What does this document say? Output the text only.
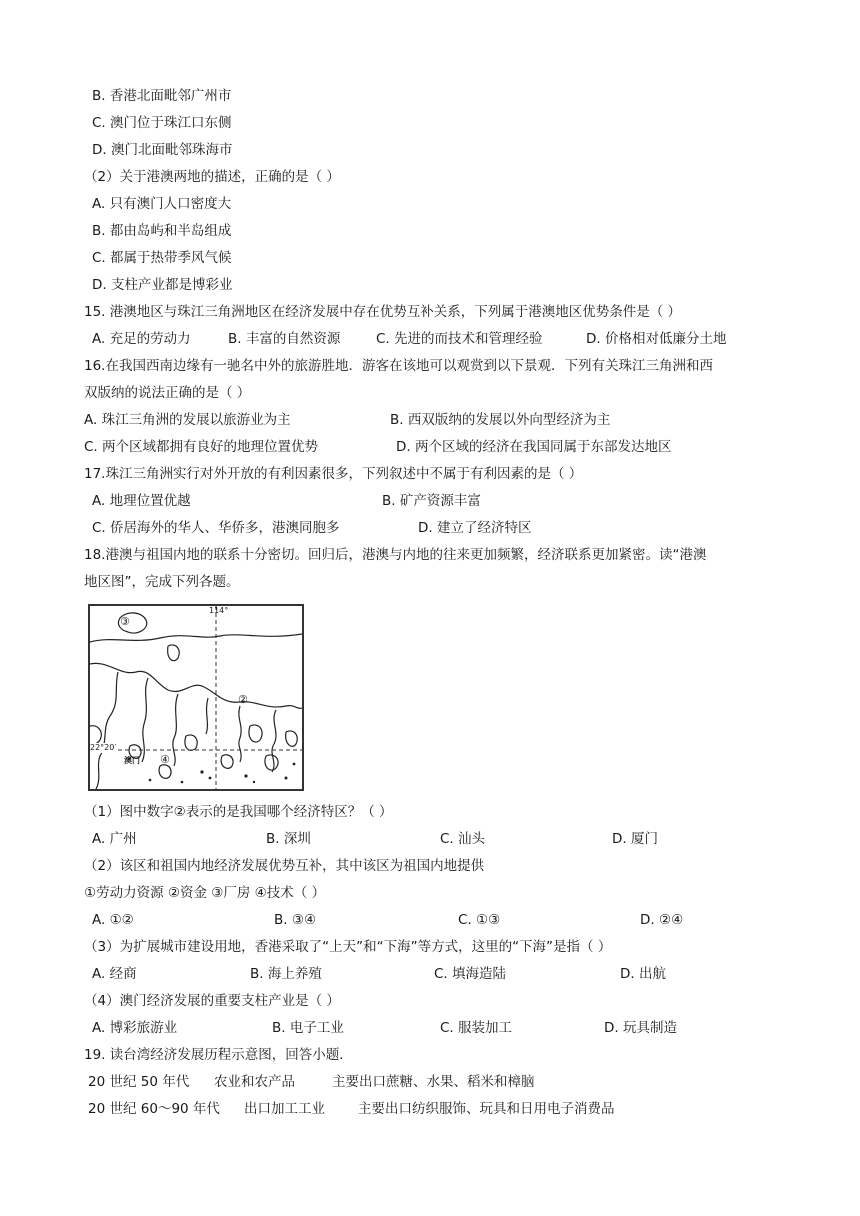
B. 香港北面毗邻广州市
C. 澳门位于珠江口东侧
D. 澳门北面毗邻珠海市
（2）关于港澳两地的描述，正确的是（ ）
A. 只有澳门人口密度大
B. 都由岛屿和半岛组成
C. 都属于热带季风气候
D. 支柱产业都是博彩业
15. 港澳地区与珠江三角洲地区在经济发展中存在优势互补关系，下列属于港澳地区优势条件是（ ）
A. 充足的劳动力	B. 丰富的自然资源	C. 先进的而技术和管理经验	D. 价格相对低廉分土地
16.在我国西南边缘有一驰名中外的旅游胜地．游客在该地可以观赏到以下景观．下列有关珠江三角洲和西
双版纳的说法正确的是（ ）
A. 珠江三角洲的发展以旅游业为主	B. 西双版纳的发展以外向型经济为主
C. 两个区域都拥有良好的地理位置优势	D. 两个区域的经济在我国同属于东部发达地区
17.珠江三角洲实行对外开放的有利因素很多，下列叙述中不属于有利因素的是（ ）
A. 地理位置优越	B. 矿产资源丰富
C. 侨居海外的华人、华侨多，港澳同胞多	D. 建立了经济特区
18.港澳与祖国内地的联系十分密切。回归后，港澳与内地的往来更加频繁，经济联系更加紧密。读“港澳
地区图”，完成下列各题。
114°
22°20′
澳门
③
②
④
（1）图中数字②表示的是我国哪个经济特区？（ ）
A. 广州	B. 深圳	C. 汕头	D. 厦门
（2）该区和祖国内地经济发展优势互补，其中该区为祖国内地提供
①劳动力资源 ②资金 ③厂房 ④技术（ ）
A. ①②	B. ③④	C. ①③	D. ②④
（3）为扩展城市建设用地，香港采取了“上天”和“下海”等方式，这里的“下海”是指（ ）
A. 经商	B. 海上养殖	C. 填海造陆	D. 出航
（4）澳门经济发展的重要支柱产业是（ ）
A. 博彩旅游业	B. 电子工业	C. 服装加工	D. 玩具制造
19. 读台湾经济发展历程示意图，回答小题．
20 世纪 50 年代 农业和农产品	主要出口蔗糖、水果、稻米和樟脑
20 世纪 60～90 年代 出口加工工业 主要出口纺织服饰、玩具和日用电子消费品
